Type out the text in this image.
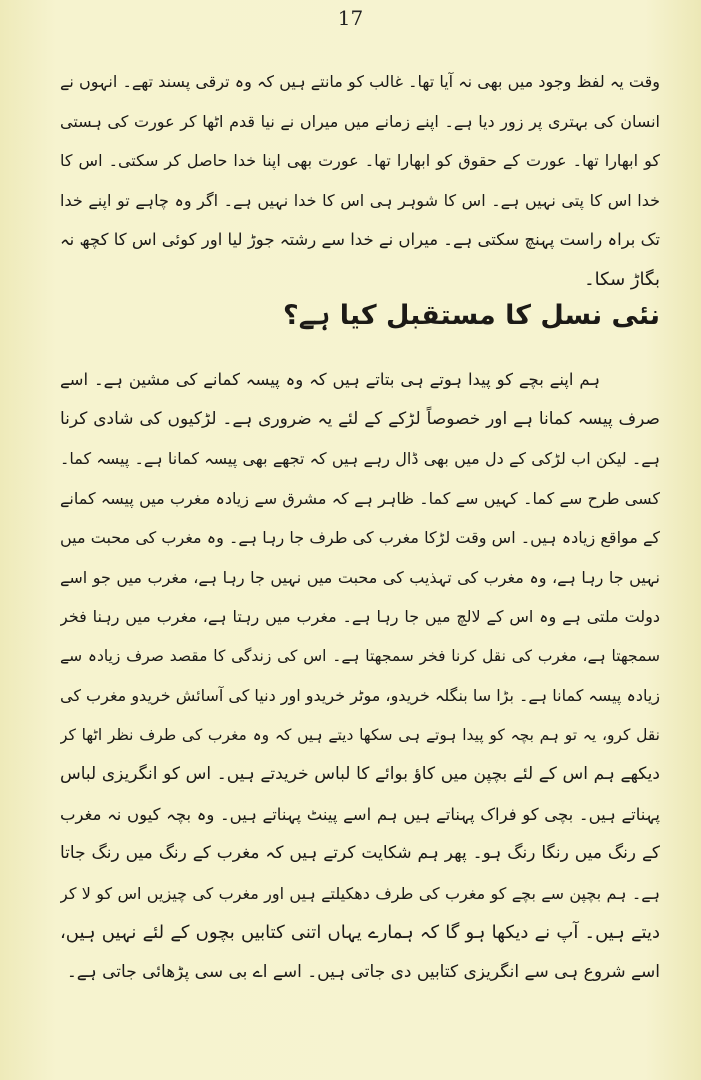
17
وقت یہ لفظ وجود میں بھی نہ آیا تھا۔ غالب کو مانتے ہیں کہ وہ ترقی پسند تھے۔ انہوں نے
انسان کی بہتری پر زور دیا ہے۔ اپنے زمانے میں میراں نے نیا قدم اٹھا کر عورت کی ہستی
کو ابھارا تھا۔ عورت کے حقوق کو ابھارا تھا۔ عورت بھی اپنا خدا حاصل کر سکتی۔ اس کا
خدا اس کا پتی نہیں ہے۔ اس کا شوہر ہی اس کا خدا نہیں ہے۔ اگر وہ چاہے تو اپنے خدا
تک براہ راست پہنچ سکتی ہے۔ میراں نے خدا سے رشتہ جوڑ لیا اور کوئی اس کا کچھ نہ
بگاڑ سکا۔
نئی نسل کا مستقبل کیا ہے؟
ہم اپنے بچے کو پیدا ہوتے ہی بتاتے ہیں کہ وہ پیسہ کمانے کی مشین ہے۔ اسے
صرف پیسہ کمانا ہے اور خصوصاً لڑکے کے لئے یہ ضروری ہے۔ لڑکیوں کی شادی کرنا
ہے۔ لیکن اب لڑکی کے دل میں بھی ڈال رہے ہیں کہ تجھے بھی پیسہ کمانا ہے۔ پیسہ کما۔
کسی طرح سے کما۔ کہیں سے کما۔ ظاہر ہے کہ مشرق سے زیادہ مغرب میں پیسہ کمانے
کے مواقع زیادہ ہیں۔ اس وقت لڑکا مغرب کی طرف جا رہا ہے۔ وہ مغرب کی محبت میں
نہیں جا رہا ہے، وہ مغرب کی تہذیب کی محبت میں نہیں جا رہا ہے، مغرب میں جو اسے
دولت ملتی ہے وہ اس کے لالچ میں جا رہا ہے۔ مغرب میں رہتا ہے، مغرب میں رہنا فخر
سمجھتا ہے، مغرب کی نقل کرنا فخر سمجھتا ہے۔ اس کی زندگی کا مقصد صرف زیادہ سے
زیادہ پیسہ کمانا ہے۔ بڑا سا بنگلہ خریدو، موٹر خریدو اور دنیا کی آسائش خریدو مغرب کی
نقل کرو، یہ تو ہم بچہ کو پیدا ہوتے ہی سکھا دیتے ہیں کہ وہ مغرب کی طرف نظر اٹھا کر
دیکھے ہم اس کے لئے بچپن میں کاؤ بوائے کا لباس خریدتے ہیں۔ اس کو انگریزی لباس
پہناتے ہیں۔ بچی کو فراک پہناتے ہیں ہم اسے پینٹ پہناتے ہیں۔ وہ بچہ کیوں نہ مغرب
کے رنگ میں رنگا رنگ ہو۔ پھر ہم شکایت کرتے ہیں کہ مغرب کے رنگ میں رنگ جاتا
ہے۔ ہم بچپن سے بچے کو مغرب کی طرف دھکیلتے ہیں اور مغرب کی چیزیں اس کو لا کر
دیتے ہیں۔ آپ نے دیکھا ہو گا کہ ہمارے یہاں اتنی کتابیں بچوں کے لئے نہیں ہیں،
اسے شروع ہی سے انگریزی کتابیں دی جاتی ہیں۔ اسے اے بی سی پڑھائی جاتی ہے۔
